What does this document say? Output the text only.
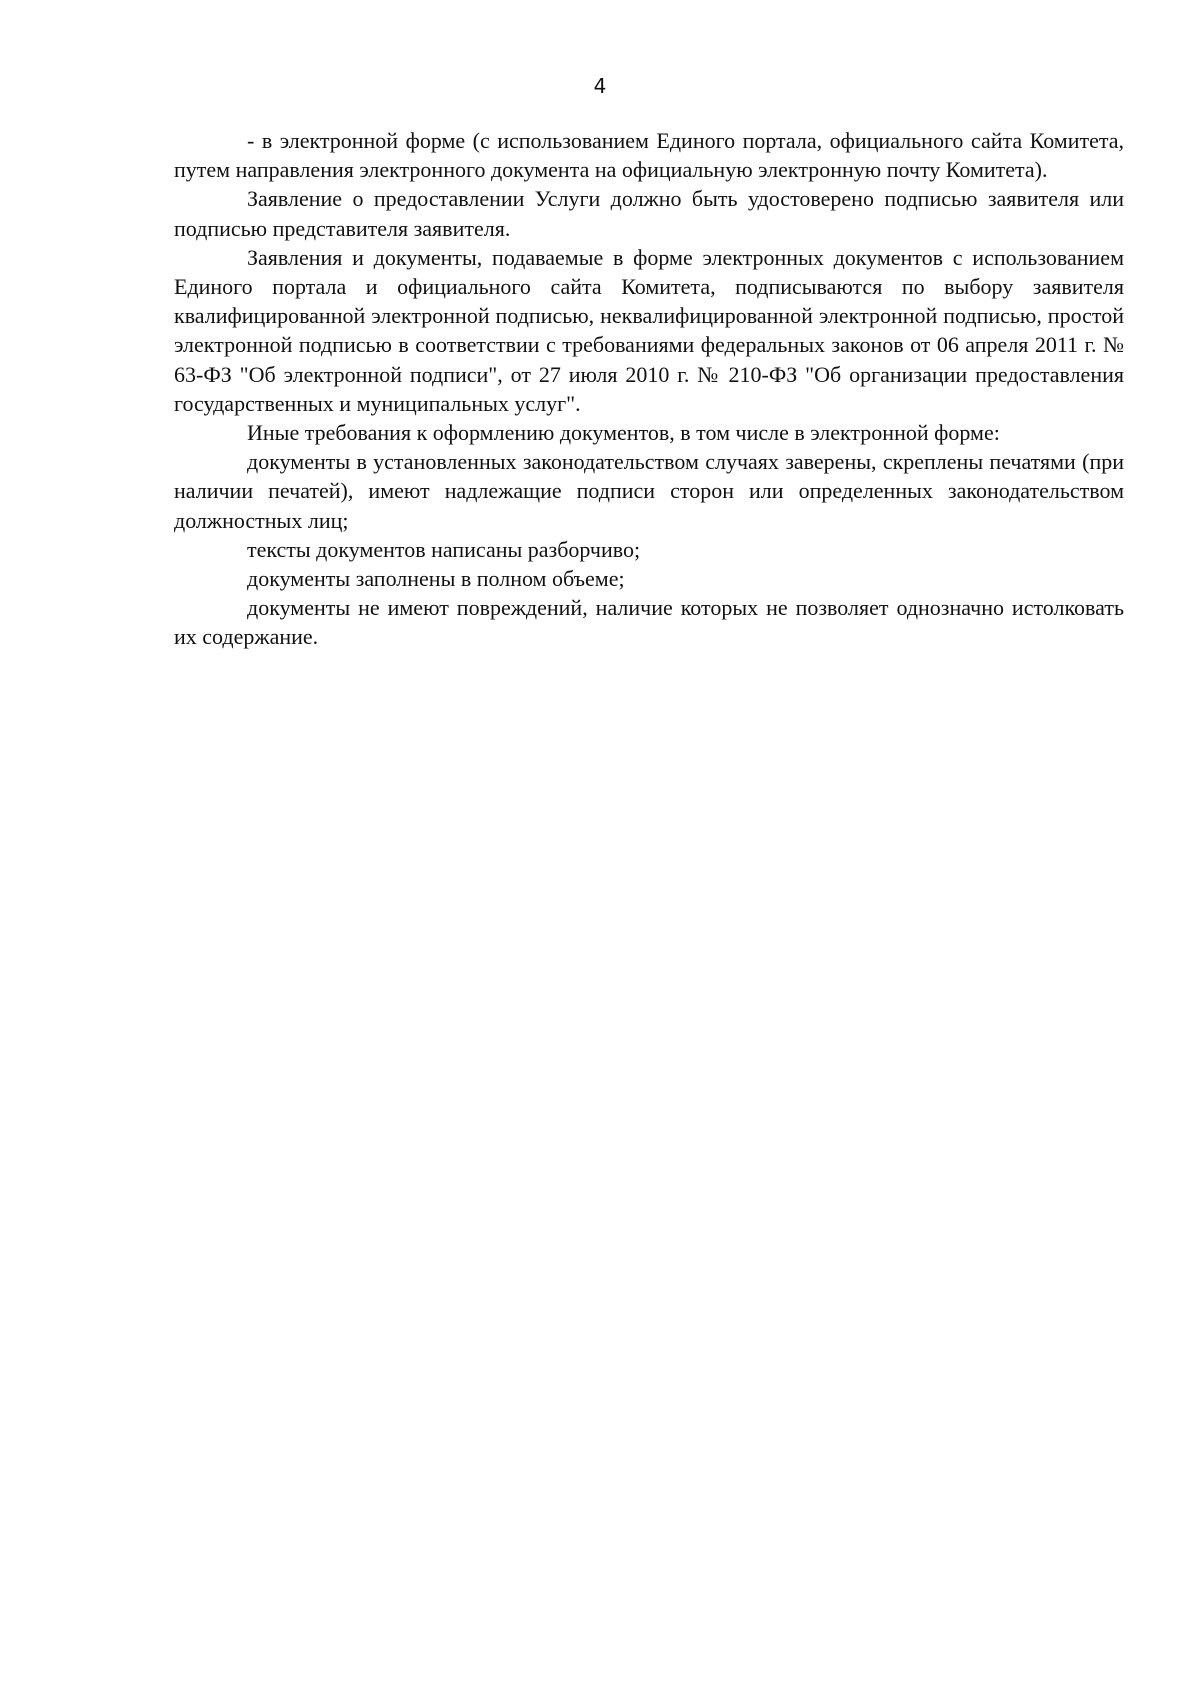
4

- в электронной форме (с использованием Единого портала, официального сайта Комитета, путем направления электронного документа на официальную электронную почту Комитета).

Заявление о предоставлении Услуги должно быть удостоверено подписью заявителя или подписью представителя заявителя.

Заявления и документы, подаваемые в форме электронных документов с использованием Единого портала и официального сайта Комитета, подписываются по выбору заявителя квалифицированной электронной подписью, неквалифицированной электронной подписью, простой электронной подписью в соответствии с требованиями федеральных законов от 06 апреля 2011 г. № 63-ФЗ "Об электронной подписи", от 27 июля 2010 г. № 210-ФЗ "Об организации предоставления государственных и муниципальных услуг".

Иные требования к оформлению документов, в том числе в электронной форме:

документы в установленных законодательством случаях заверены, скреплены печатями (при наличии печатей), имеют надлежащие подписи сторон или определенных законодательством должностных лиц;

тексты документов написаны разборчиво;

документы заполнены в полном объеме;

документы не имеют повреждений, наличие которых не позволяет однозначно истолковать их содержание.
